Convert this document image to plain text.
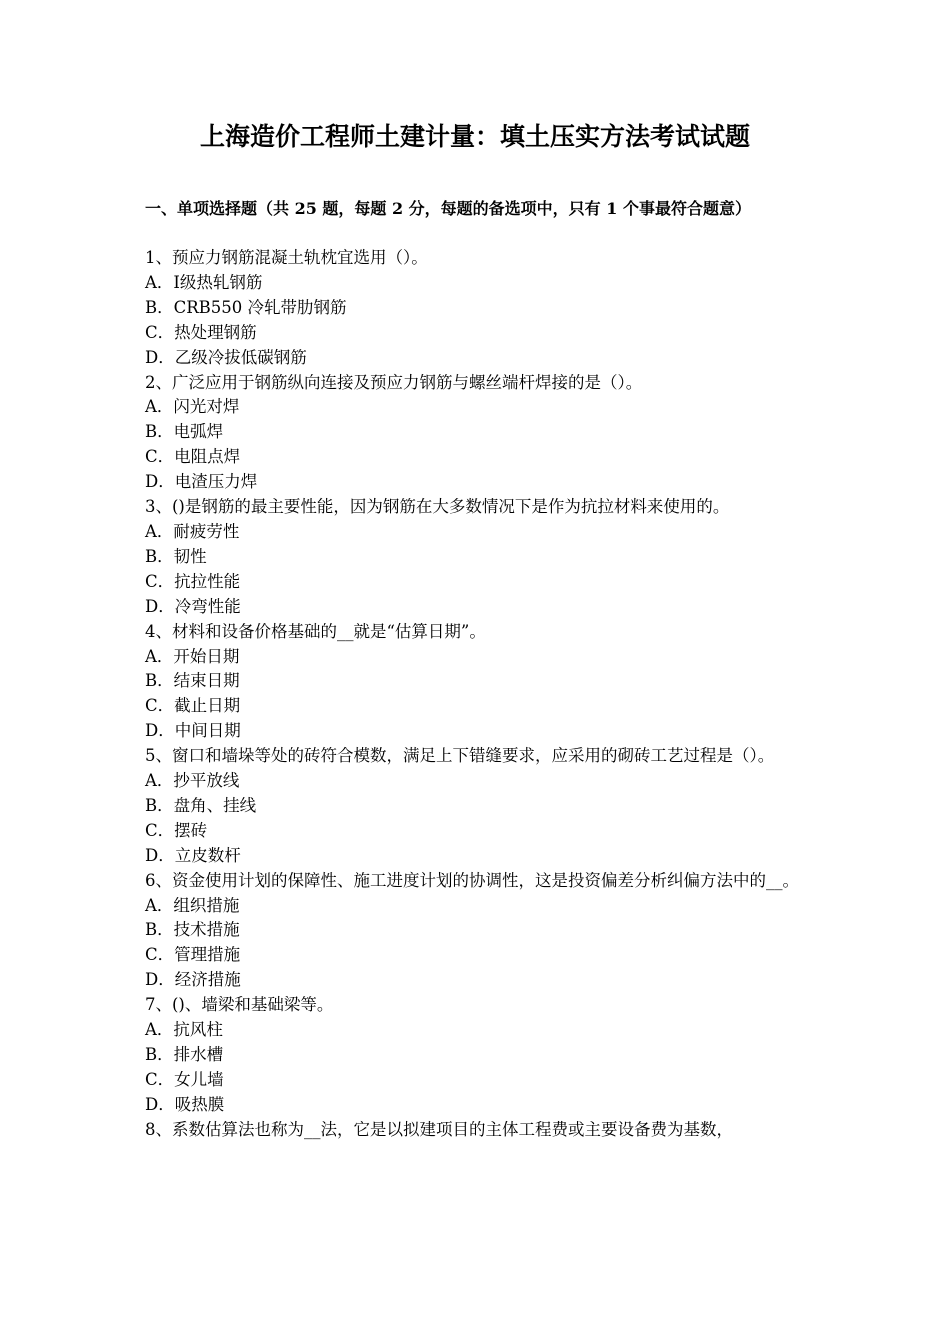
上海造价工程师土建计量：填土压实方法考试试题

一、单项选择题（共 25 题，每题 2 分，每题的备选项中，只有 1 个事最符合题意）

1、预应力钢筋混凝土轨枕宜选用（）。

A．Ⅰ级热轧钢筋

B．CRB550 冷轧带肋钢筋

C．热处理钢筋

D．乙级冷拔低碳钢筋

2、广泛应用于钢筋纵向连接及预应力钢筋与螺丝端杆焊接的是（）。

A．闪光对焊

B．电弧焊

C．电阻点焊

D．电渣压力焊

3、()是钢筋的最主要性能，因为钢筋在大多数情况下是作为抗拉材料来使用的。

A．耐疲劳性

B．韧性

C．抗拉性能

D．冷弯性能

4、材料和设备价格基础的__就是“估算日期”。

A．开始日期

B．结束日期

C．截止日期

D．中间日期

5、窗口和墙垛等处的砖符合模数，满足上下错缝要求，应采用的砌砖工艺过程是（）。

A．抄平放线

B．盘角、挂线

C．摆砖

D．立皮数杆

6、资金使用计划的保障性、施工进度计划的协调性，这是投资偏差分析纠偏方法中的__。

A．组织措施

B．技术措施

C．管理措施

D．经济措施

7、()、墙梁和基础梁等。

A．抗风柱

B．排水槽

C．女儿墙

D．吸热膜

8、系数估算法也称为__法，它是以拟建项目的主体工程费或主要设备费为基数，
